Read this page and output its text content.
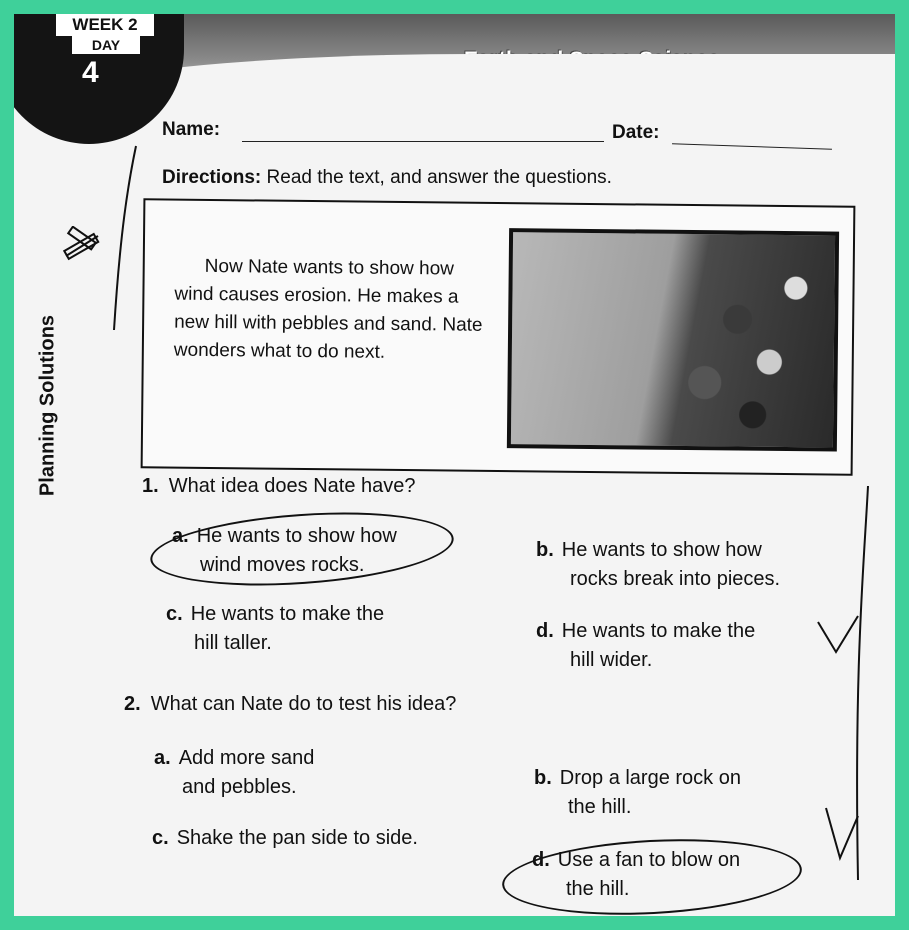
WEEK 2
DAY
4
Name:	Date:
Directions: Read the text, and answer the questions.
Planning Solutions
Now Nate wants to show how wind causes erosion. He makes a new hill with pebbles and sand. Nate wonders what to do next.
1. What idea does Nate have?
a. He wants to show how
wind moves rocks.
b. He wants to show how
rocks break into pieces.
c. He wants to make the
hill taller.
d. He wants to make the
hill wider.
2. What can Nate do to test his idea?
a. Add more sand
and pebbles.	b. Drop a large rock on
the hill.
c. Shake the pan side to side.
d. Use a fan to blow on
the hill.
